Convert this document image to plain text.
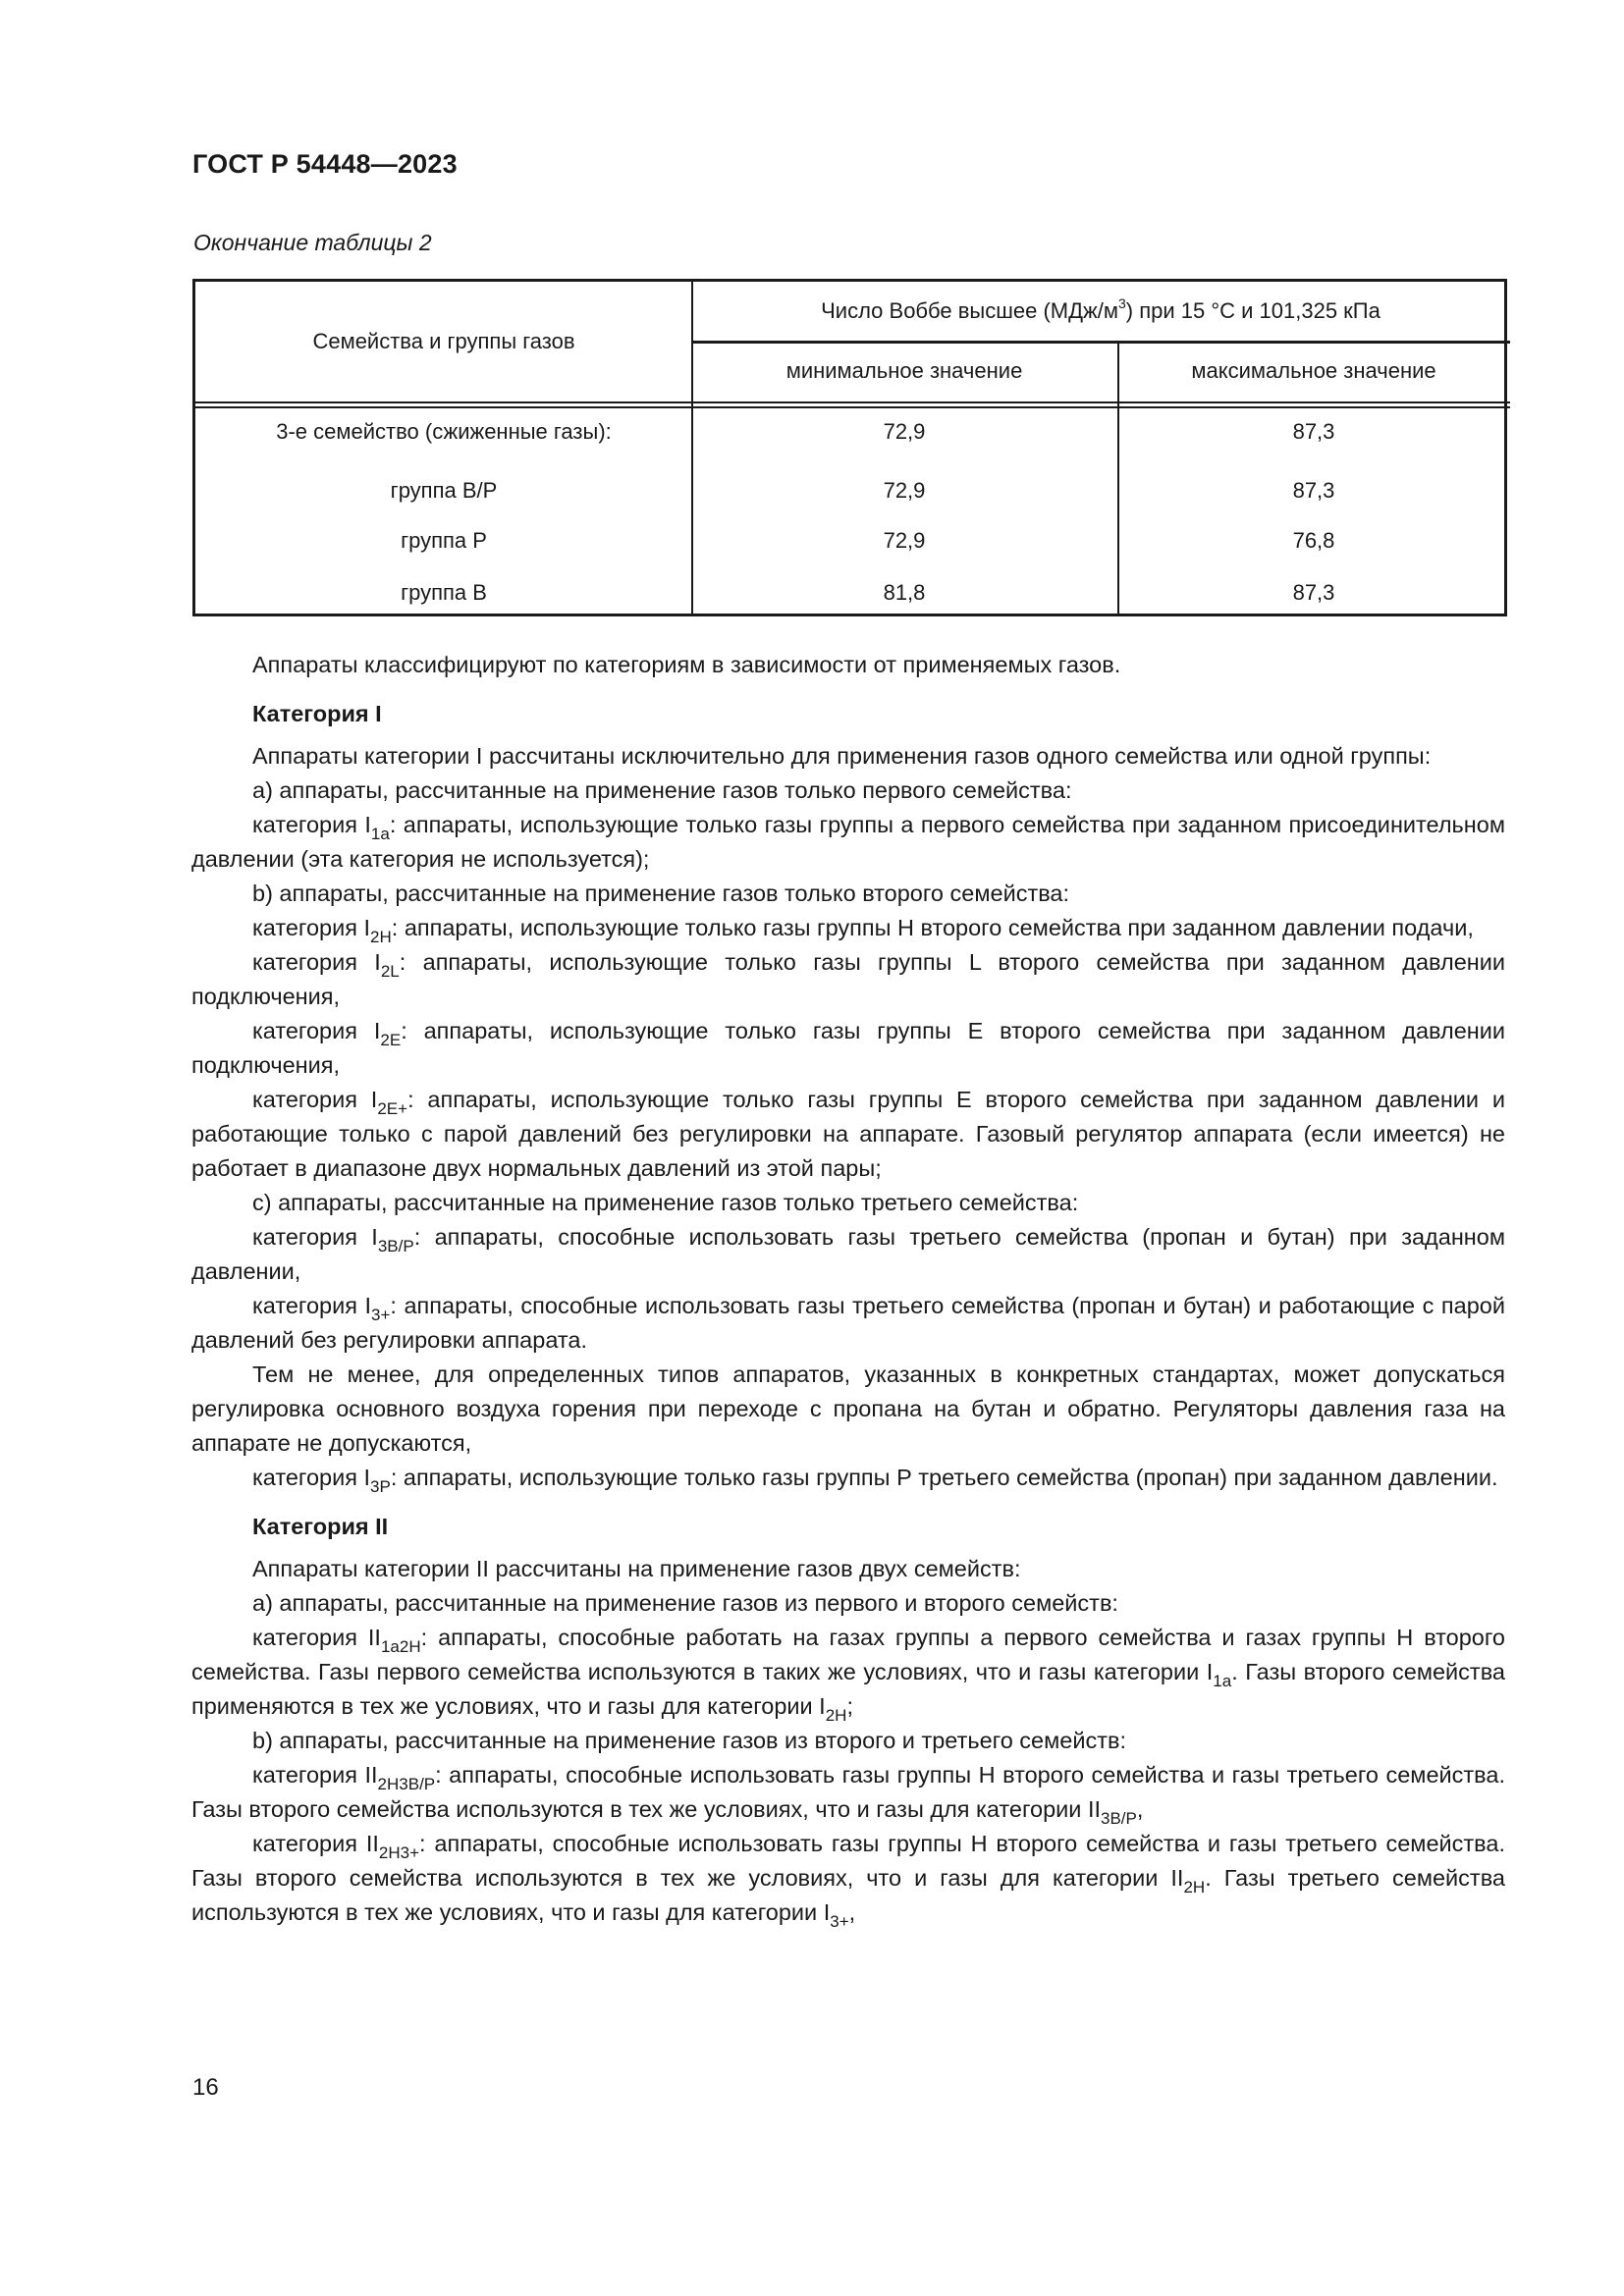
ГОСТ Р 54448—2023
Окончание таблицы 2
Семейства и группы газов
Число Воббе высшее $(МДж/м^3)$ при 15 °С и 101,325 кПа
минимальное значение	максимальное значение
3-е семейство (сжиженные газы):	72,9	87,3
группа В/Р	72,9	87,3
группа Р	72,9	76,8
группа В	81,8	87,3

Аппараты классифицируют по категориям в зависимости от применяемых газов.

Категория I

Аппараты категории I рассчитаны исключительно для применения газов одного семейства или одной группы:

а) аппараты, рассчитанные на применение газов только первого семейства:

категория $I_{1a}$: аппараты, использующие только газы группы а первого семейства при заданном присоединительном давлении (эта категория не используется);

b) аппараты, рассчитанные на применение газов только второго семейства:

категория $I_{2H}$: аппараты, использующие только газы группы Н второго семейства при заданном давлении подачи,

категория $I_{2L}$: аппараты, использующие только газы группы L второго семейства при заданном давлении подключения,

категория $I_{2E}$: аппараты, использующие только газы группы Е второго семейства при заданном давлении подключения,

категория $I_{2E+}$: аппараты, использующие только газы группы Е второго семейства при заданном давлении и работающие только с парой давлений без регулировки на аппарате. Газовый регулятор аппарата (если имеется) не работает в диапазоне двух нормальных давлений из этой пары;

с) аппараты, рассчитанные на применение газов только третьего семейства:

категория $I_{3B/P}$: аппараты, способные использовать газы третьего семейства (пропан и бутан) при заданном давлении,

категория $I_{3+}$: аппараты, способные использовать газы третьего семейства (пропан и бутан) и работающие с парой давлений без регулировки аппарата.

Тем не менее, для определенных типов аппаратов, указанных в конкретных стандартах, может допускаться регулировка основного воздуха горения при переходе с пропана на бутан и обратно. Регуляторы давления газа на аппарате не допускаются,

категория $I_{3P}$: аппараты, использующие только газы группы Р третьего семейства (пропан) при заданном давлении.

Категория II

Аппараты категории II рассчитаны на применение газов двух семейств:

а) аппараты, рассчитанные на применение газов из первого и второго семейств:

категория $II_{1a2H}$: аппараты, способные работать на газах группы а первого семейства и газах группы Н второго семейства. Газы первого семейства используются в таких же условиях, что и газы категории $I_{1a}$. Газы второго семейства применяются в тех же условиях, что и газы для категории $I_{2H}$;

b) аппараты, рассчитанные на применение газов из второго и третьего семейств:

категория $II_{2H3B/P}$: аппараты, способные использовать газы группы Н второго семейства и газы третьего семейства. Газы второго семейства используются в тех же условиях, что и газы для категории $II_{3B/P}$,

категория $II_{2H3+}$: аппараты, способные использовать газы группы Н второго семейства и газы третьего семейства. Газы второго семейства используются в тех же условиях, что и газы для категории $II_{2H}$. Газы третьего семейства используются в тех же условиях, что и газы для категории $I_{3+}$,

16
